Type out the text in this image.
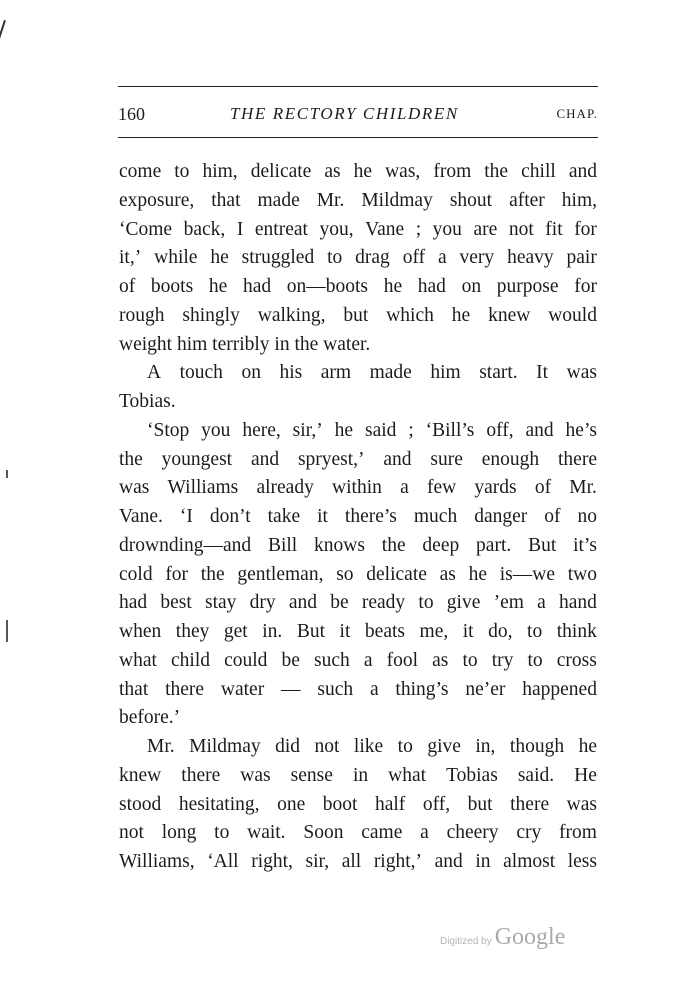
160	THE RECTORY CHILDREN	CHAP.
come to him, delicate as he was, from the chill and
exposure, that made Mr. Mildmay shout after him,
‘Come back, I entreat you, Vane ; you are not fit for
it,’ while he struggled to drag off a very heavy pair
of boots he had on—boots he had on purpose for
rough shingly walking, but which he knew would
weight him terribly in the water.
A touch on his arm made him start. It was
Tobias.
‘Stop you here, sir,’ he said ; ‘Bill’s off, and he’s
the youngest and spryest,’ and sure enough there
was Williams already within a few yards of Mr.
Vane. ‘I don’t take it there’s much danger of no
drownding—and Bill knows the deep part. But it’s
cold for the gentleman, so delicate as he is—we two
had best stay dry and be ready to give ’em a hand
when they get in. But it beats me, it do, to think
what child could be such a fool as to try to cross
that there water — such a thing’s ne’er happened
before.’
Mr. Mildmay did not like to give in, though he
knew there was sense in what Tobias said. He
stood hesitating, one boot half off, but there was
not long to wait. Soon came a cheery cry from
Williams, ‘All right, sir, all right,’ and in almost less
Digitized by Google
